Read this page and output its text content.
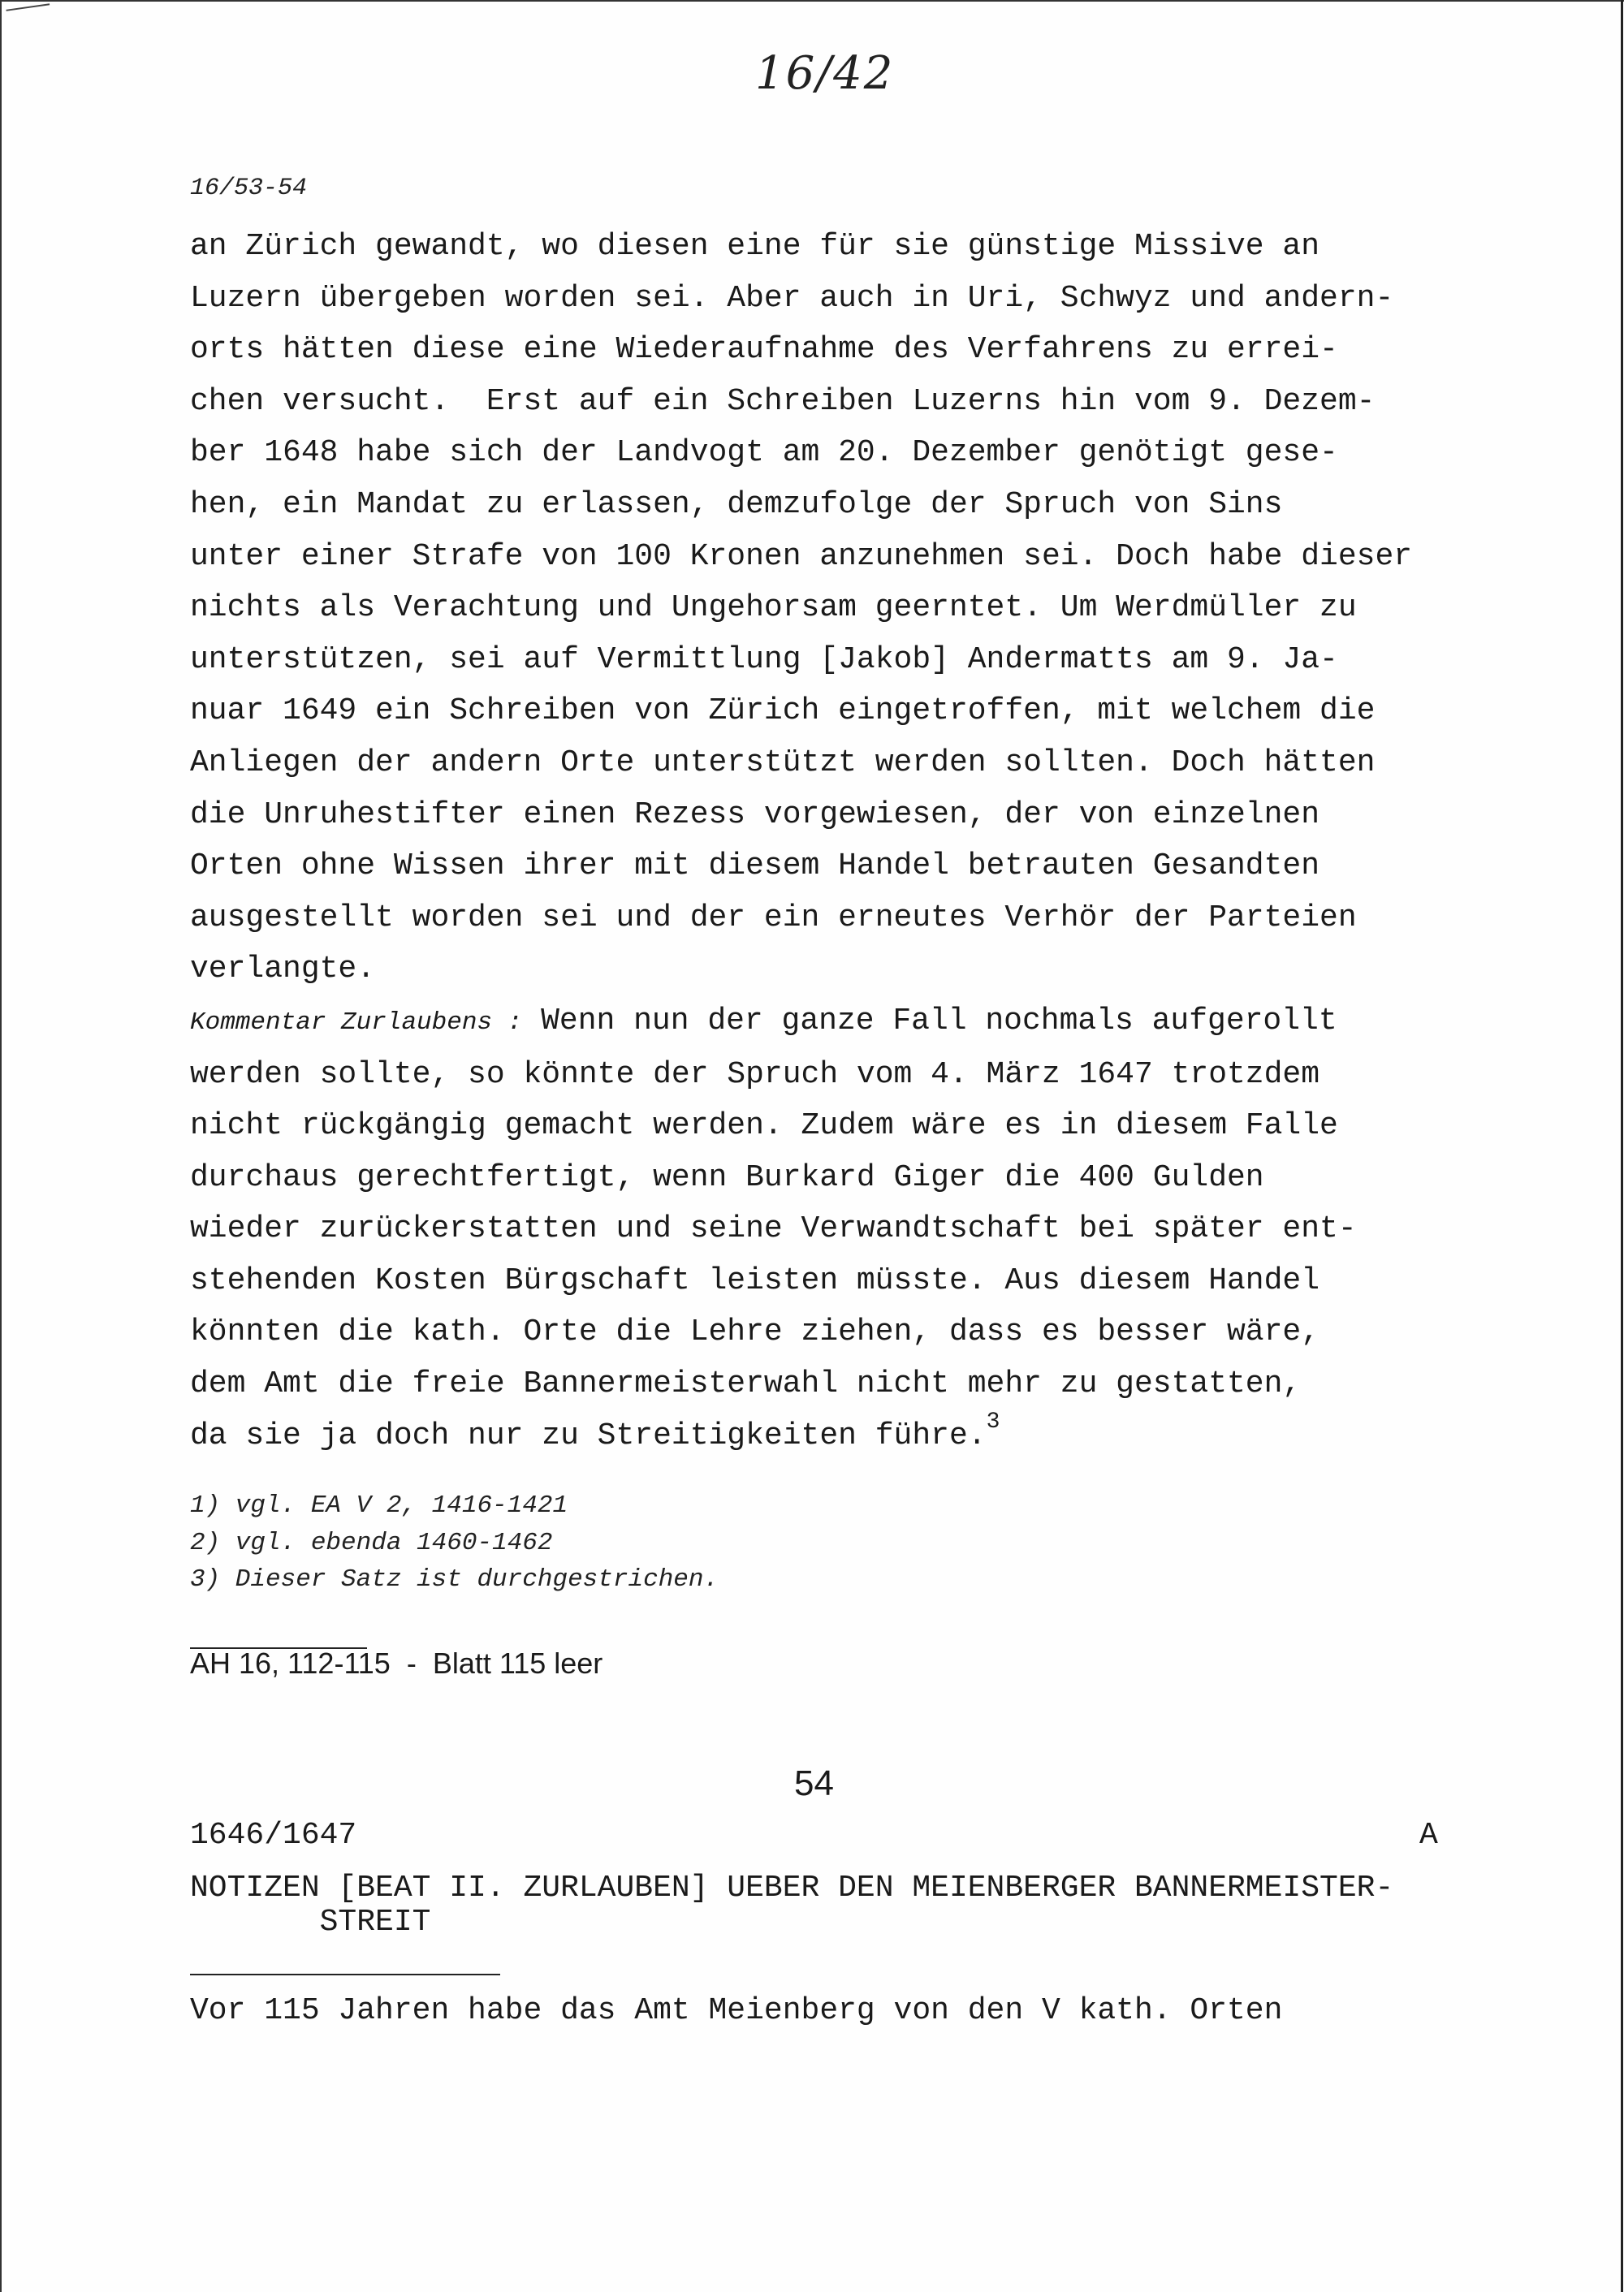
16/42
16/53-54
an Zürich gewandt, wo diesen eine für sie günstige Missive an
Luzern übergeben worden sei. Aber auch in Uri, Schwyz und andern-
orts hätten diese eine Wiederaufnahme des Verfahrens zu errei-
chen versucht.  Erst auf ein Schreiben Luzerns hin vom 9. Dezem-
ber 1648 habe sich der Landvogt am 20. Dezember genötigt gese-
hen, ein Mandat zu erlassen, demzufolge der Spruch von Sins
unter einer Strafe von 100 Kronen anzunehmen sei. Doch habe dieser
nichts als Verachtung und Ungehorsam geerntet. Um Werdmüller zu
unterstützen, sei auf Vermittlung [Jakob] Andermatts am 9. Ja-
nuar 1649 ein Schreiben von Zürich eingetroffen, mit welchem die
Anliegen der andern Orte unterstützt werden sollten. Doch hätten
die Unruhestifter einen Rezess vorgewiesen, der von einzelnen
Orten ohne Wissen ihrer mit diesem Handel betrauten Gesandten
ausgestellt worden sei und der ein erneutes Verhör der Parteien
verlangte.
Kommentar Zurlaubens : Wenn nun der ganze Fall nochmals aufgerollt
werden sollte, so könnte der Spruch vom 4. März 1647 trotzdem
nicht rückgängig gemacht werden. Zudem wäre es in diesem Falle
durchaus gerechtfertigt, wenn Burkard Giger die 400 Gulden
wieder zurückerstatten und seine Verwandtschaft bei später ent-
stehenden Kosten Bürgschaft leisten müsste. Aus diesem Handel
könnten die kath. Orte die Lehre ziehen, dass es besser wäre,
dem Amt die freie Bannermeisterwahl nicht mehr zu gestatten,
da sie ja doch nur zu Streitigkeiten führe.$^3$
1) vgl. EA V 2, 1416-1421
2) vgl. ebenda 1460-1462
3) Dieser Satz ist durchgestrichen.
AH 16, 112-115  -  Blatt 115 leer
54
1646/1647	A
NOTIZEN [BEAT II. ZURLAUBEN] UEBER DEN MEIENBERGER BANNERMEISTER-
STREIT
Vor 115 Jahren habe das Amt Meienberg von den V kath. Orten
